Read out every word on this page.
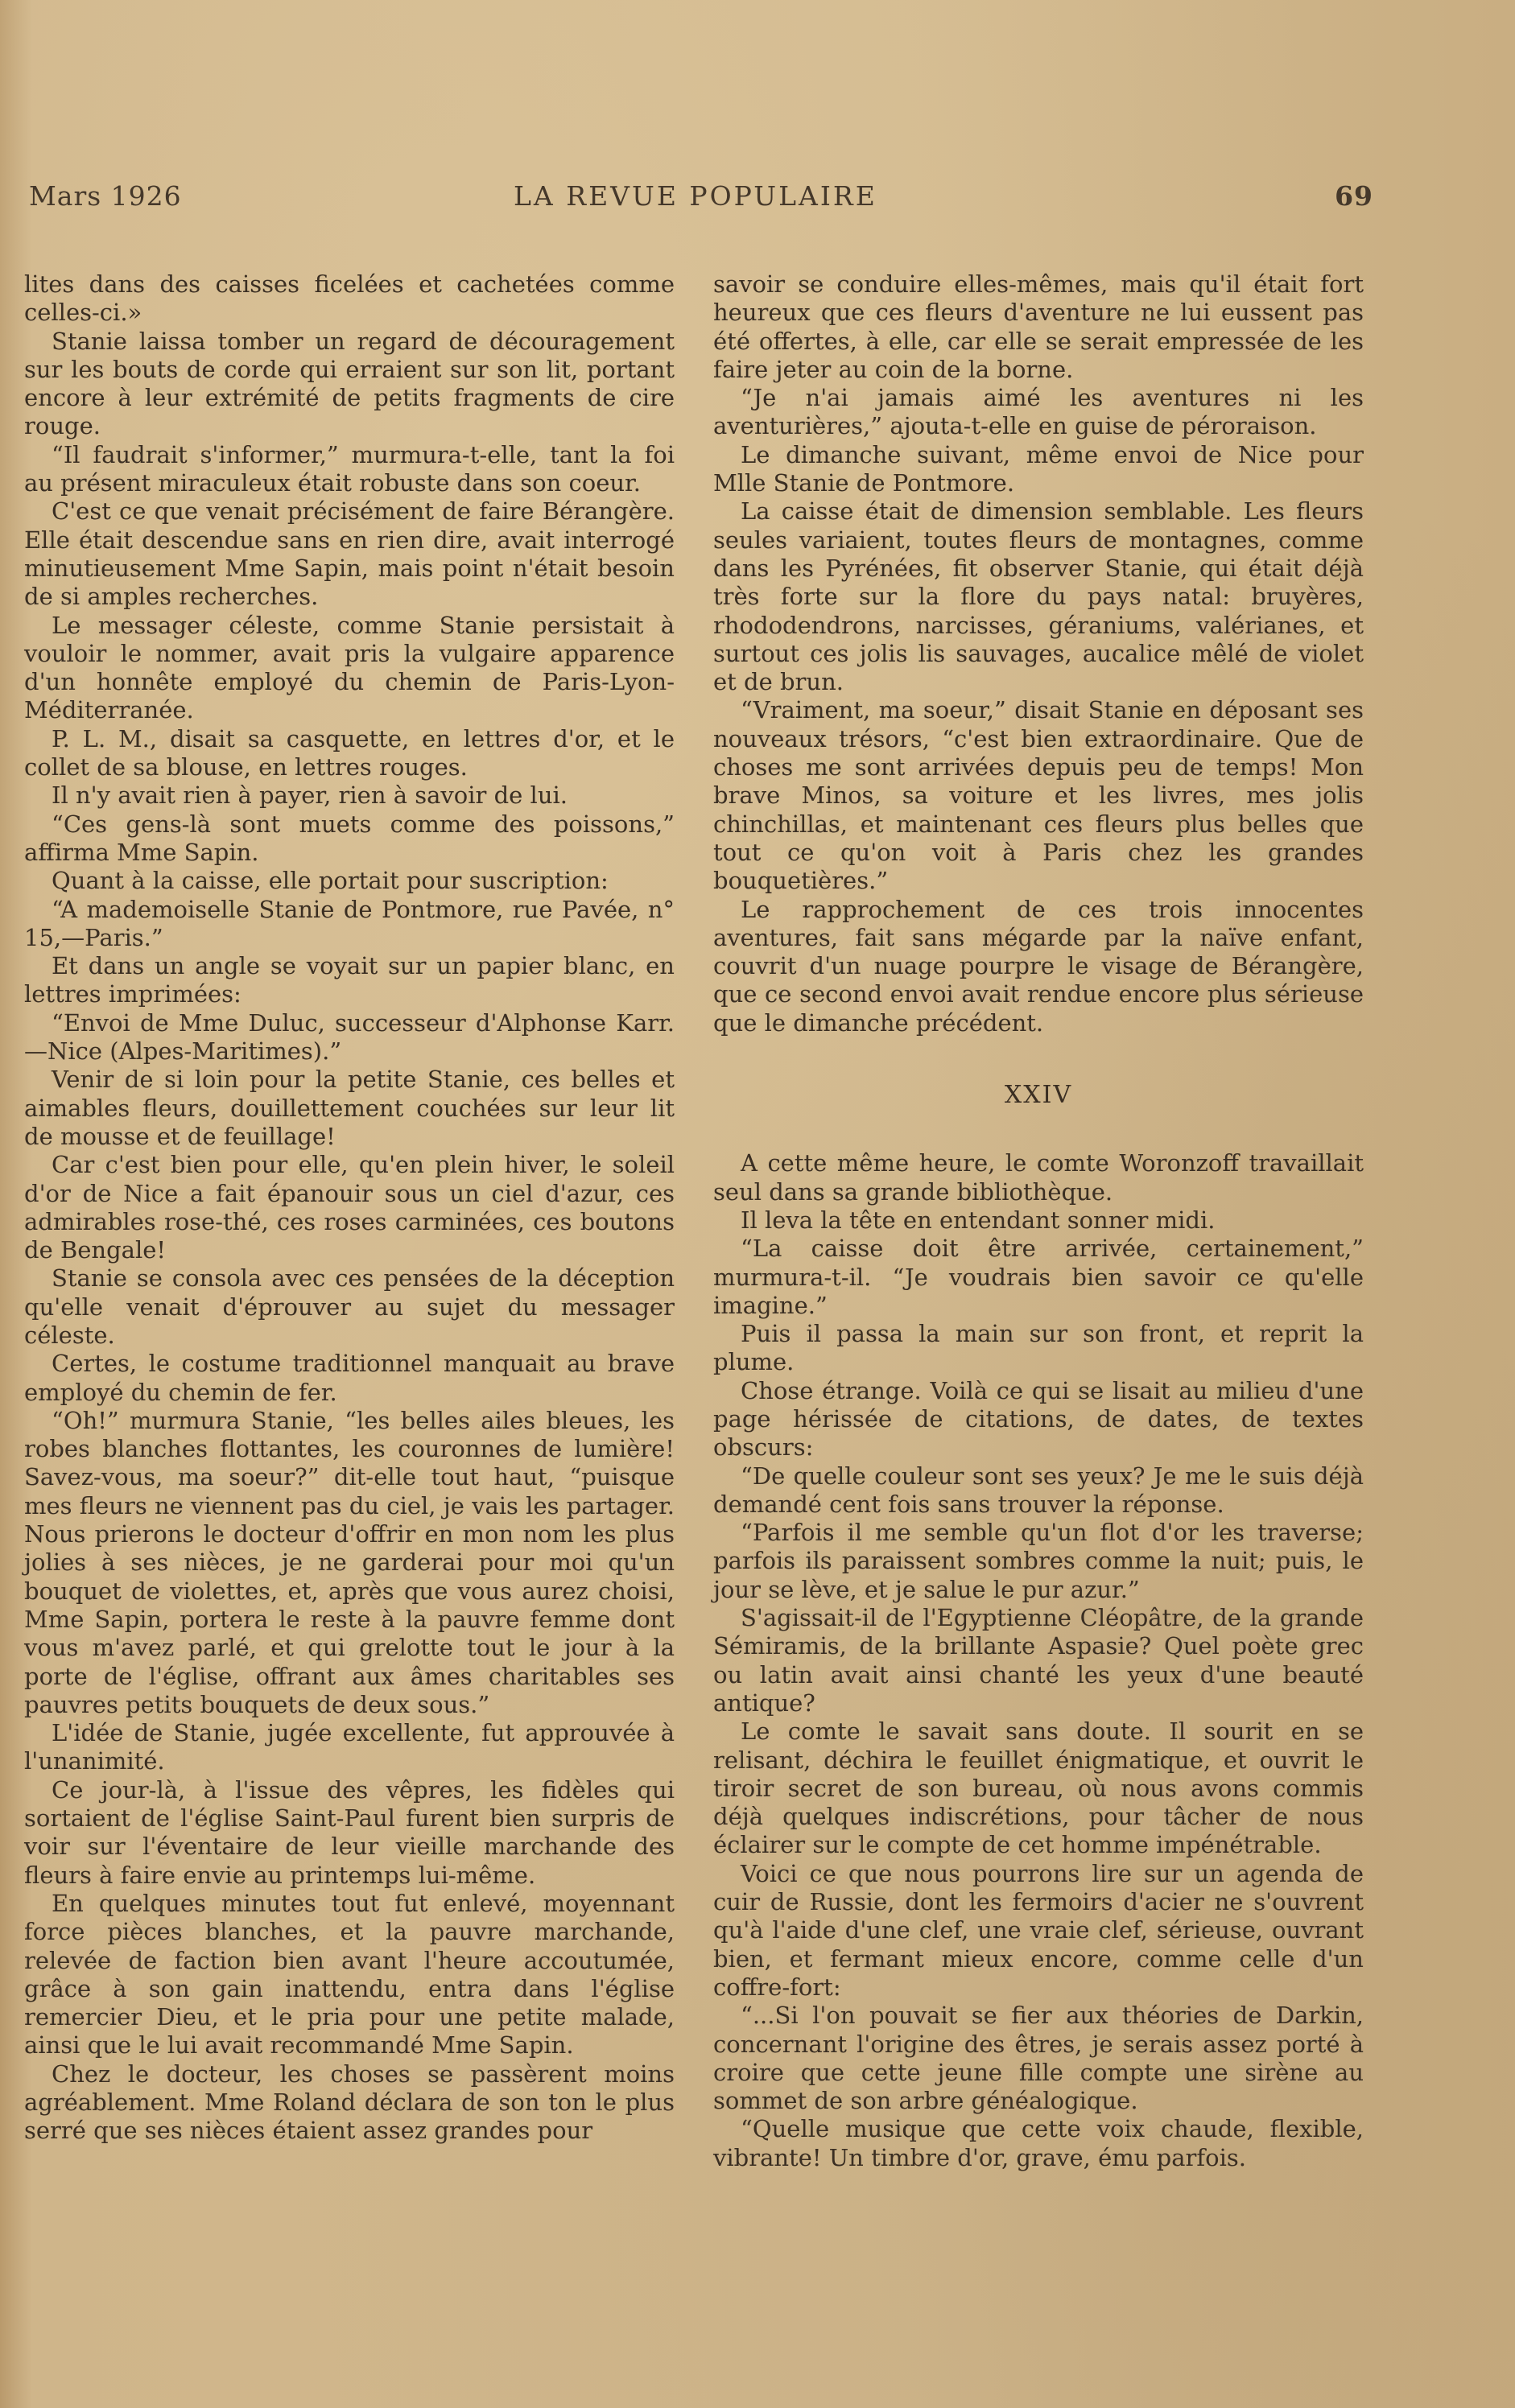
Mars 1926	LA REVUE POPULAIRE	69

lites dans des caisses ficelées et cachetées comme celles-ci.»

Stanie laissa tomber un regard de découragement sur les bouts de corde qui erraient sur son lit, portant encore à leur extrémité de petits fragments de cire rouge.

“Il faudrait s'informer,” murmura-t-elle, tant la foi au présent miraculeux était robuste dans son coeur.

C'est ce que venait précisément de faire Bérangère. Elle était descendue sans en rien dire, avait interrogé minutieusement Mme Sapin, mais point n'était besoin de si amples recherches.

Le messager céleste, comme Stanie persistait à vouloir le nommer, avait pris la vulgaire apparence d'un honnête employé du chemin de Paris-Lyon-Méditerranée.

P. L. M., disait sa casquette, en lettres d'or, et le collet de sa blouse, en lettres rouges.

Il n'y avait rien à payer, rien à savoir de lui.

“Ces gens-là sont muets comme des poissons,” affirma Mme Sapin.

Quant à la caisse, elle portait pour suscription:

“A mademoiselle Stanie de Pontmore, rue Pavée, n° 15,—Paris.”

Et dans un angle se voyait sur un papier blanc, en lettres imprimées:

“Envoi de Mme Duluc, successeur d'Alphonse Karr.—Nice (Alpes-Maritimes).”

Venir de si loin pour la petite Stanie, ces belles et aimables fleurs, douillettement couchées sur leur lit de mousse et de feuillage!

Car c'est bien pour elle, qu'en plein hiver, le soleil d'or de Nice a fait épanouir sous un ciel d'azur, ces admirables rose-thé, ces roses carminées, ces boutons de Bengale!

Stanie se consola avec ces pensées de la déception qu'elle venait d'éprouver au sujet du messager céleste.

Certes, le costume traditionnel manquait au brave employé du chemin de fer.

“Oh!” murmura Stanie, “les belles ailes bleues, les robes blanches flottantes, les couronnes de lumière! Savez-vous, ma soeur?” dit-elle tout haut, “puisque mes fleurs ne viennent pas du ciel, je vais les partager. Nous prierons le docteur d'offrir en mon nom les plus jolies à ses nièces, je ne garderai pour moi qu'un bouquet de violettes, et, après que vous aurez choisi, Mme Sapin, portera le reste à la pauvre femme dont vous m'avez parlé, et qui grelotte tout le jour à la porte de l'église, offrant aux âmes charitables ses pauvres petits bouquets de deux sous.”

L'idée de Stanie, jugée excellente, fut approuvée à l'unanimité.

Ce jour-là, à l'issue des vêpres, les fidèles qui sortaient de l'église Saint-Paul furent bien surpris de voir sur l'éventaire de leur vieille marchande des fleurs à faire envie au printemps lui-même.

En quelques minutes tout fut enlevé, moyennant force pièces blanches, et la pauvre marchande, relevée de faction bien avant l'heure accoutumée, grâce à son gain inattendu, entra dans l'église remercier Dieu, et le pria pour une petite malade, ainsi que le lui avait recommandé Mme Sapin.

Chez le docteur, les choses se passèrent moins agréablement. Mme Roland déclara de son ton le plus serré que ses nièces étaient assez grandes pour

savoir se conduire elles-mêmes, mais qu'il était fort heureux que ces fleurs d'aventure ne lui eussent pas été offertes, à elle, car elle se serait empressée de les faire jeter au coin de la borne.

“Je n'ai jamais aimé les aventures ni les aventurières,” ajouta-t-elle en guise de péroraison.

Le dimanche suivant, même envoi de Nice pour Mlle Stanie de Pontmore.

La caisse était de dimension semblable. Les fleurs seules variaient, toutes fleurs de montagnes, comme dans les Pyrénées, fit observer Stanie, qui était déjà très forte sur la flore du pays natal: bruyères, rhododendrons, narcisses, géraniums, valérianes, et surtout ces jolis lis sauvages, aucalice mêlé de violet et de brun.

“Vraiment, ma soeur,” disait Stanie en déposant ses nouveaux trésors, “c'est bien extraordinaire. Que de choses me sont arrivées depuis peu de temps! Mon brave Minos, sa voiture et les livres, mes jolis chinchillas, et maintenant ces fleurs plus belles que tout ce qu'on voit à Paris chez les grandes bouquetières.”

Le rapprochement de ces trois innocentes aventures, fait sans mégarde par la naïve enfant, couvrit d'un nuage pourpre le visage de Bérangère, que ce second envoi avait rendue encore plus sérieuse que le dimanche précédent.

XXIV

A cette même heure, le comte Woronzoff travaillait seul dans sa grande bibliothèque.

Il leva la tête en entendant sonner midi.

“La caisse doit être arrivée, certainement,” murmura-t-il. “Je voudrais bien savoir ce qu'elle imagine.”

Puis il passa la main sur son front, et reprit la plume.

Chose étrange. Voilà ce qui se lisait au milieu d'une page hérissée de citations, de dates, de textes obscurs:

“De quelle couleur sont ses yeux? Je me le suis déjà demandé cent fois sans trouver la réponse.

“Parfois il me semble qu'un flot d'or les traverse; parfois ils paraissent sombres comme la nuit; puis, le jour se lève, et je salue le pur azur.”

S'agissait-il de l'Egyptienne Cléopâtre, de la grande Sémiramis, de la brillante Aspasie? Quel poète grec ou latin avait ainsi chanté les yeux d'une beauté antique?

Le comte le savait sans doute. Il sourit en se relisant, déchira le feuillet énigmatique, et ouvrit le tiroir secret de son bureau, où nous avons commis déjà quelques indiscrétions, pour tâcher de nous éclairer sur le compte de cet homme impénétrable.

Voici ce que nous pourrons lire sur un agenda de cuir de Russie, dont les fermoirs d'acier ne s'ouvrent qu'à l'aide d'une clef, une vraie clef, sérieuse, ouvrant bien, et fermant mieux encore, comme celle d'un coffre-fort:

“...Si l'on pouvait se fier aux théories de Darkin, concernant l'origine des êtres, je serais assez porté à croire que cette jeune fille compte une sirène au sommet de son arbre généalogique.

“Quelle musique que cette voix chaude, flexible, vibrante! Un timbre d'or, grave, ému parfois.
